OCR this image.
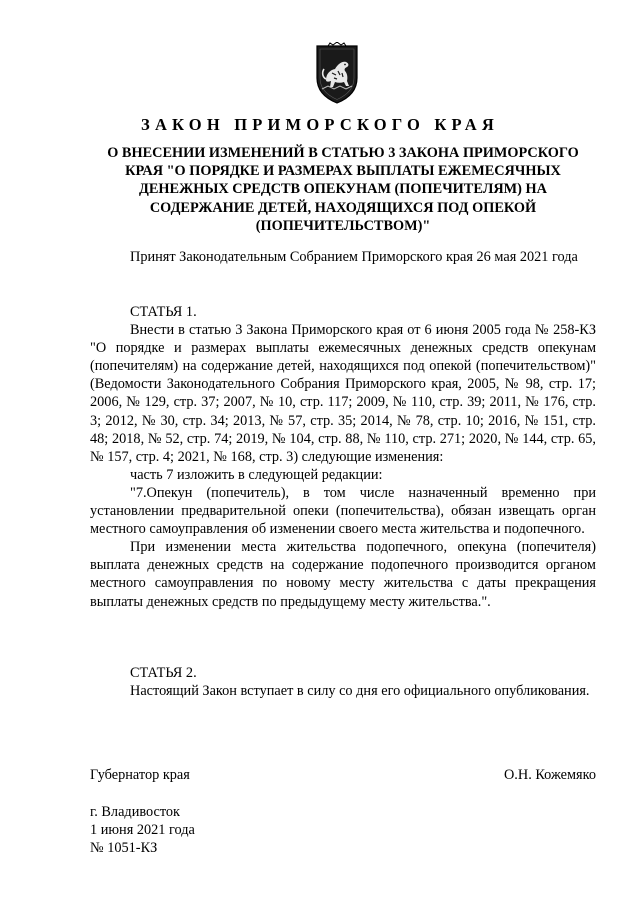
ЗАКОН ПРИМОРСКОГО КРАЯ
О ВНЕСЕНИИ ИЗМЕНЕНИЙ В СТАТЬЮ 3 ЗАКОНА ПРИМОРСКОГО КРАЯ "О ПОРЯДКЕ И РАЗМЕРАХ ВЫПЛАТЫ ЕЖЕМЕСЯЧНЫХ ДЕНЕЖНЫХ СРЕДСТВ ОПЕКУНАМ (ПОПЕЧИТЕЛЯМ) НА СОДЕРЖАНИЕ ДЕТЕЙ, НАХОДЯЩИХСЯ ПОД ОПЕКОЙ (ПОПЕЧИТЕЛЬСТВОМ)"

Принят Законодательным Собранием Приморского края 26 мая 2021 года

СТАТЬЯ 1.

Внести в статью 3 Закона Приморского края от 6 июня 2005 года № 258-КЗ "О порядке и размерах выплаты ежемесячных денежных средств опекунам (попечителям) на содержание детей, находящихся под опекой (попечительством)" (Ведомости Законодательного Собрания Приморского края, 2005, № 98, стр. 17; 2006, № 129, стр. 37; 2007, № 10, стр. 117; 2009, № 110, стр. 39; 2011, № 176, стр. 3; 2012, № 30, стр. 34; 2013, № 57, стр. 35; 2014, № 78, стр. 10; 2016, № 151, стр. 48; 2018, № 52, стр. 74; 2019, № 104, стр. 88, № 110, стр. 271; 2020, № 144, стр. 65, № 157, стр. 4; 2021, № 168, стр. 3) следующие изменения:

часть 7 изложить в следующей редакции:

"7.Опекун (попечитель), в том числе назначенный временно при установлении предварительной опеки (попечительства), обязан извещать орган местного самоуправления об изменении своего места жительства и подопечного.

При изменении места жительства подопечного, опекуна (попечителя) выплата денежных средств на содержание подопечного производится органом местного самоуправления по новому месту жительства с даты прекращения выплаты денежных средств по предыдущему месту жительства.".

СТАТЬЯ 2.

Настоящий Закон вступает в силу со дня его официального опубликования.

Губернатор края	О.Н. Кожемяко
г. Владивосток
1 июня 2021 года
№ 1051-КЗ
